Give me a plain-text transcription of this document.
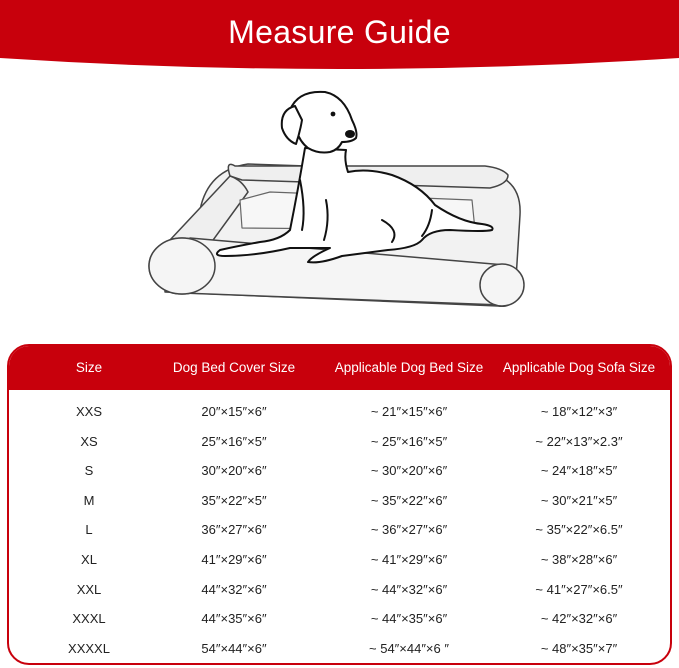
Measure Guide
Size	Dog Bed Cover Size	Applicable Dog Bed Size	Applicable Dog Sofa Size
XXS	20″×15″×6″	~ 21″×15″×6″	~ 18″×12″×3″
XS	25″×16″×5″	~ 25″×16″×5″	~ 22″×13″×2.3″
S	30″×20″×6″	~ 30″×20″×6″	~ 24″×18″×5″
M	35″×22″×5″	~ 35″×22″×6″	~ 30″×21″×5″
L	36″×27″×6″	~ 36″×27″×6″	~ 35″×22″×6.5″
XL	41″×29″×6″	~ 41″×29″×6″	~ 38″×28″×6″
XXL	44″×32″×6″	~ 44″×32″×6″	~ 41″×27″×6.5″
XXXL	44″×35″×6″	~ 44″×35″×6″	~ 42″×32″×6″
XXXXL	54″×44″×6″	~ 54″×44″×6 ″	~ 48″×35″×7″
